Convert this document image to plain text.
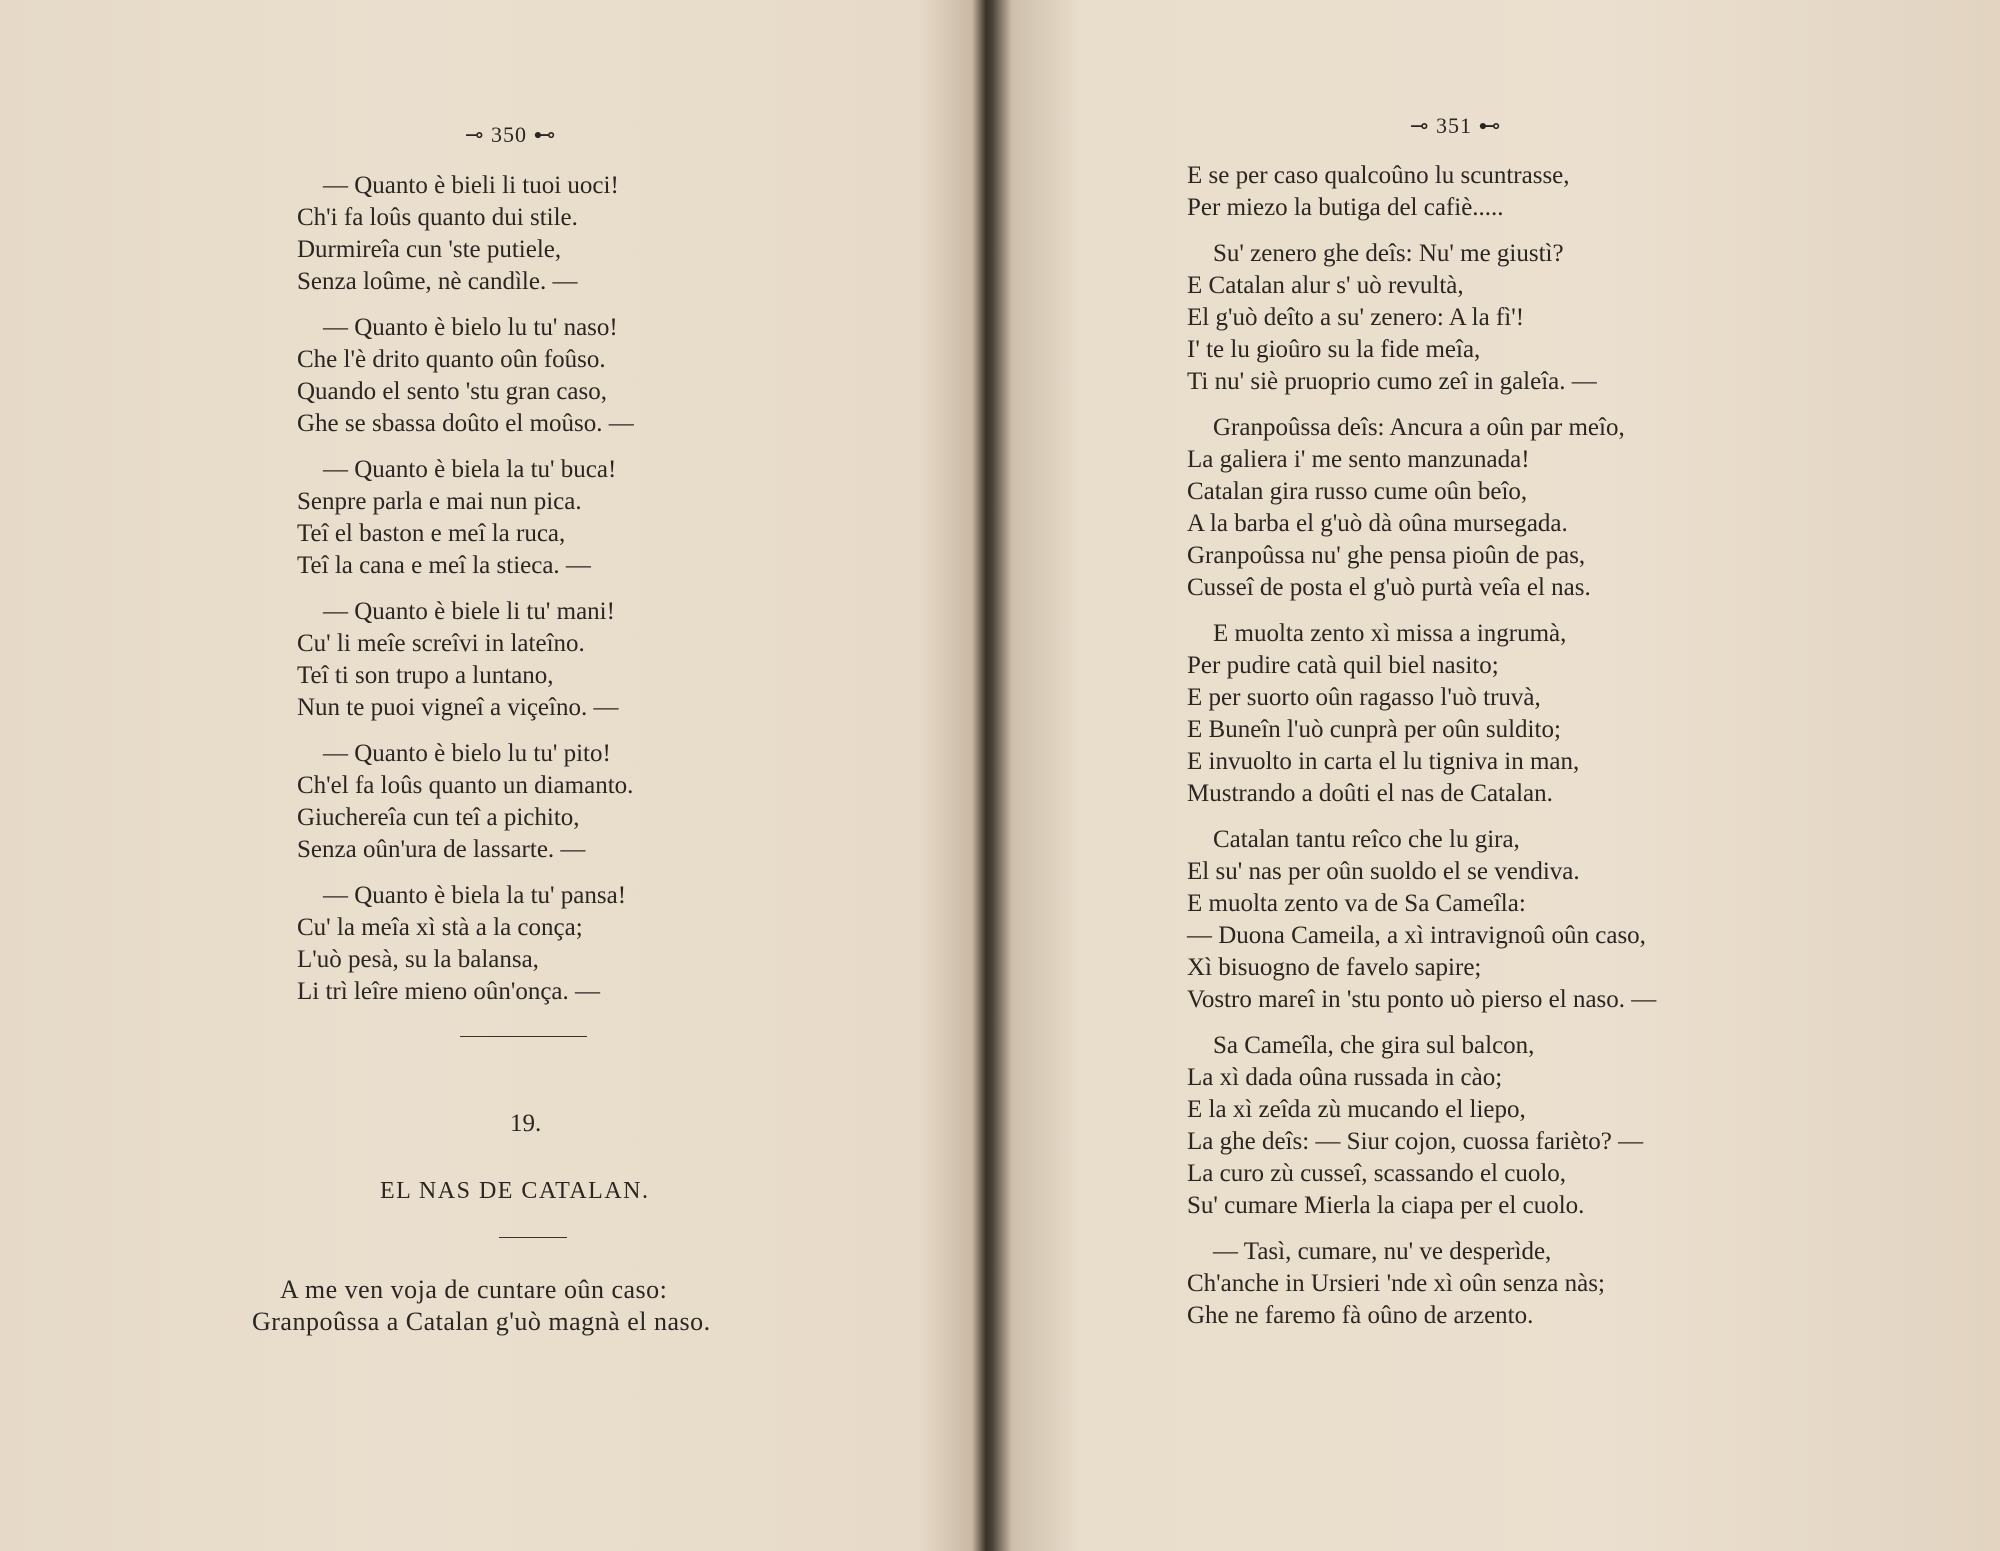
⊸ 350 ⊷
— Quanto è bieli li tuoi uoci!
Ch'i fa loûs quanto dui stile.
Durmireîa cun 'ste putiele,
Senza loûme, nè candìle. —
— Quanto è bielo lu tu' naso!
Che l'è drito quanto oûn foûso.
Quando el sento 'stu gran caso,
Ghe se sbassa doûto el moûso. —
— Quanto è biela la tu' buca!
Senpre parla e mai nun pica.
Teî el baston e meî la ruca,
Teî la cana e meî la stieca. —
— Quanto è biele li tu' mani!
Cu' li meîe screîvi in lateîno.
Teî ti son trupo a luntano,
Nun te puoi vigneî a viçeîno. —
— Quanto è bielo lu tu' pito!
Ch'el fa loûs quanto un diamanto.
Giuchereîa cun teî a pichito,
Senza oûn'ura de lassarte. —
— Quanto è biela la tu' pansa!
Cu' la meîa xì stà a la conça;
L'uò pesà, su la balansa,
Li trì leîre mieno oûn'onça. —
19.
EL NAS DE CATALAN.
A me ven voja de cuntare oûn caso:
Granpoûssa a Catalan g'uò magnà el naso.
⊸ 351 ⊷
E se per caso qualcoûno lu scuntrasse,
Per miezo la butiga del cafiè.....
Su' zenero ghe deîs: Nu' me giustì?
E Catalan alur s' uò revultà,
El g'uò deîto a su' zenero: A la fì'!
I' te lu gioûro su la fide meîa,
Ti nu' siè pruoprio cumo zeî in galeîa. —
Granpoûssa deîs: Ancura a oûn par meîo,
La galiera i' me sento manzunada!
Catalan gira russo cume oûn beîo,
A la barba el g'uò dà oûna mursegada.
Granpoûssa nu' ghe pensa pioûn de pas,
Cusseî de posta el g'uò purtà veîa el nas.
E muolta zento xì missa a ingrumà,
Per pudire catà quil biel nasito;
E per suorto oûn ragasso l'uò truvà,
E Buneîn l'uò cunprà per oûn suldito;
E invuolto in carta el lu tigniva in man,
Mustrando a doûti el nas de Catalan.
Catalan tantu reîco che lu gira,
El su' nas per oûn suoldo el se vendiva.
E muolta zento va de Sa Cameîla:
— Duona Cameila, a xì intravignoû oûn caso,
Xì bisuogno de favelo sapire;
Vostro mareî in 'stu ponto uò pierso el naso. —
Sa Cameîla, che gira sul balcon,
La xì dada oûna russada in cào;
E la xì zeîda zù mucando el liepo,
La ghe deîs: — Siur cojon, cuossa farièto? —
La curo zù cusseî, scassando el cuolo,
Su' cumare Mierla la ciapa per el cuolo.
— Tasì, cumare, nu' ve desperìde,
Ch'anche in Ursieri 'nde xì oûn senza nàs;
Ghe ne faremo fà oûno de arzento.
